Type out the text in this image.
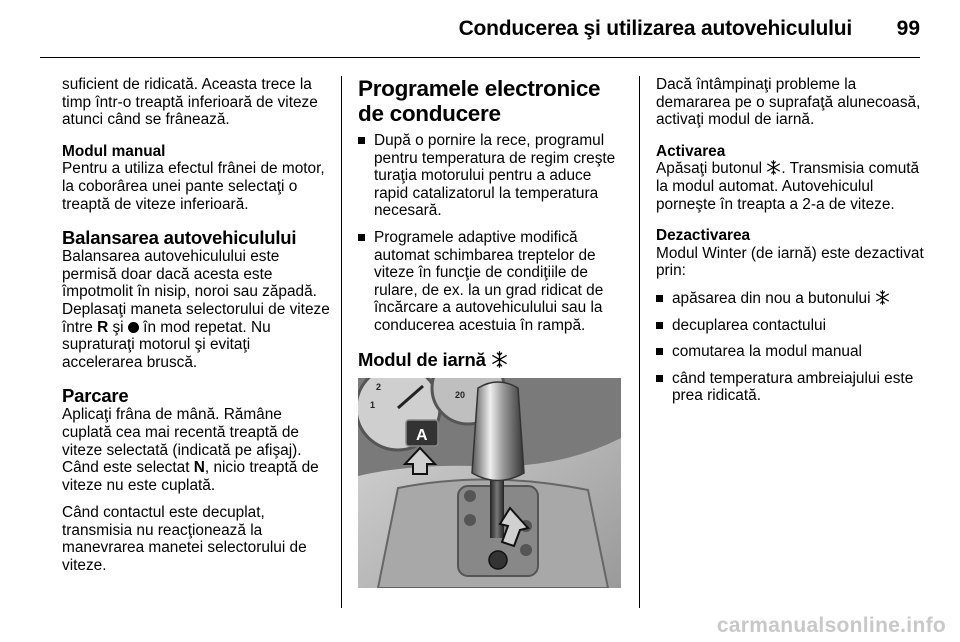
Conducerea şi utilizarea autovehiculului 99

suficient de ridicată. Aceasta trece la timp într-o treaptă inferioară de viteze atunci când se frânează.

Modul manual

Pentru a utiliza efectul frânei de motor, la coborârea unei pante selectaţi o treaptă de viteze inferioară.

Balansarea autovehiculului

Balansarea autovehiculului este permisă doar dacă acesta este împotmolit în nisip, noroi sau zăpadă. Deplasaţi maneta selectorului de viteze între R şi în mod repetat. Nu supraturaţi motorul şi evitaţi accelerarea bruscă.

Parcare

Aplicaţi frâna de mână. Rămâne cuplată cea mai recentă treaptă de viteze selectată (indicată pe afişaj). Când este selectat N, nicio treaptă de viteze nu este cuplată.

Când contactul este decuplat, transmisia nu reacţionează la manevrarea manetei selectorului de viteze.

Programele electronice de conducere

După o pornire la rece, programul pentru temperatura de regim creşte turaţia motorului pentru a aduce rapid catalizatorul la temperatura necesară.
Programele adaptive modifică automat schimbarea treptelor de viteze în funcţie de condiţiile de rulare, de ex. la un grad ridicat de încărcare a autovehiculului sau la conducerea acestuia în rampă.

Modul de iarnă

2
1
20
A

Dacă întâmpinaţi probleme la demararea pe o suprafaţă alunecoasă, activaţi modul de iarnă.

Activarea

Apăsaţi butonul . Transmisia comută la modul automat. Autovehiculul porneşte în treapta a 2-a de viteze.

Dezactivarea

Modul Winter (de iarnă) este dezactivat prin:

apăsarea din nou a butonului
decuplarea contactului
comutarea la modul manual
când temperatura ambreiajului este prea ridicată.
carmanualsonline.info
